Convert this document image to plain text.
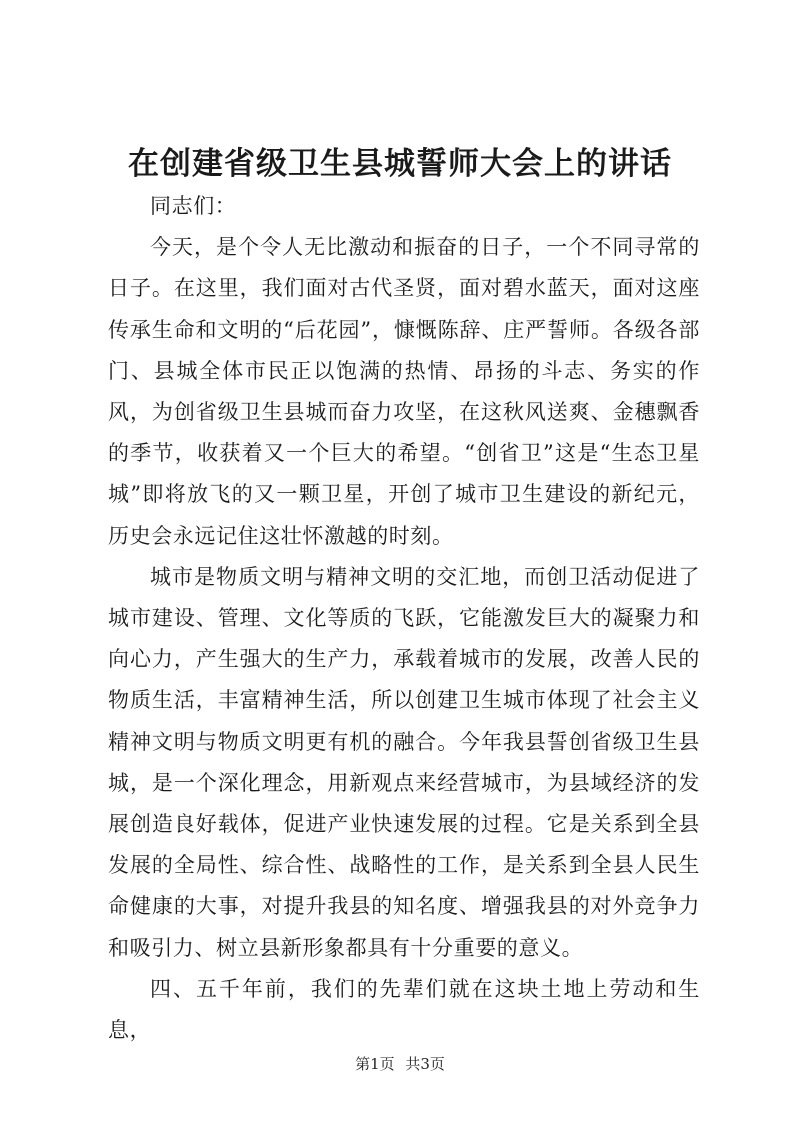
在创建省级卫生县城誓师大会上的讲话

同志们：

今天，是个令人无比激动和振奋的日子，一个不同寻常的日子。在这里，我们面对古代圣贤，面对碧水蓝天，面对这座传承生命和文明的“后花园”，慷慨陈辞、庄严誓师。各级各部门、县城全体市民正以饱满的热情、昂扬的斗志、务实的作风，为创省级卫生县城而奋力攻坚，在这秋风送爽、金穗飘香的季节，收获着又一个巨大的希望。“创省卫”这是“生态卫星城”即将放飞的又一颗卫星，开创了城市卫生建设的新纪元，历史会永远记住这壮怀激越的时刻。

城市是物质文明与精神文明的交汇地，而创卫活动促进了城市建设、管理、文化等质的飞跃，它能激发巨大的凝聚力和向心力，产生强大的生产力，承载着城市的发展，改善人民的物质生活，丰富精神生活，所以创建卫生城市体现了社会主义精神文明与物质文明更有机的融合。今年我县誓创省级卫生县城，是一个深化理念，用新观点来经营城市，为县域经济的发展创造良好载体，促进产业快速发展的过程。它是关系到全县发展的全局性、综合性、战略性的工作，是关系到全县人民生命健康的大事，对提升我县的知名度、增强我县的对外竞争力和吸引力、树立县新形象都具有十分重要的意义。

四、五千年前，我们的先辈们就在这块土地上劳动和生息，

第1页 共3页
